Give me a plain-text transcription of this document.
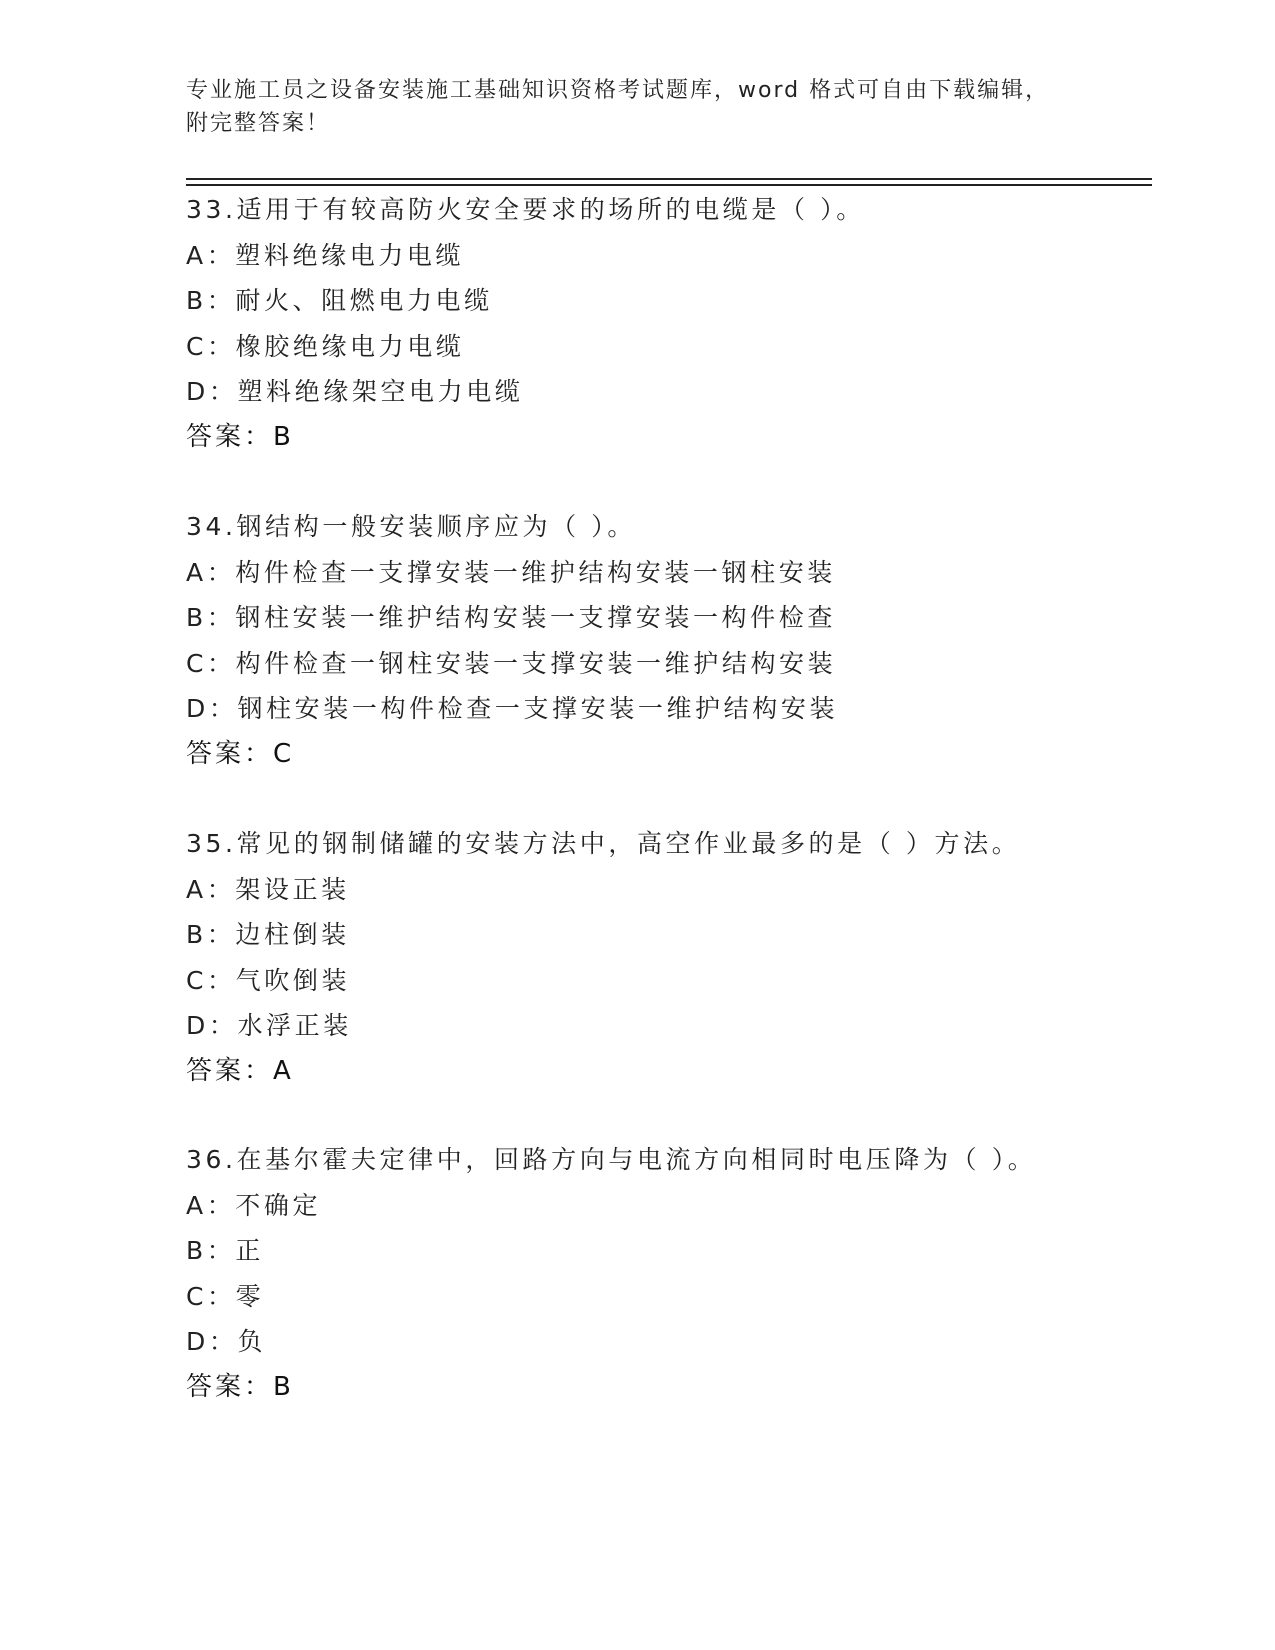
专业施工员之设备安装施工基础知识资格考试题库，word 格式可自由下载编辑，
附完整答案！
33.适用于有较高防火安全要求的场所的电缆是（ ）。
A：塑料绝缘电力电缆
B：耐火、阻燃电力电缆
C：橡胶绝缘电力电缆
D：塑料绝缘架空电力电缆
答案：B
34.钢结构一般安装顺序应为（ ）。
A：构件检查一支撑安装一维护结构安装一钢柱安装
B：钢柱安装一维护结构安装一支撑安装一构件检查
C：构件检查一钢柱安装一支撑安装一维护结构安装
D：钢柱安装一构件检查一支撑安装一维护结构安装
答案：C
35.常见的钢制储罐的安装方法中，高空作业最多的是（ ）方法。
A：架设正装
B：边柱倒装
C：气吹倒装
D：水浮正装
答案：A
36.在基尔霍夫定律中，回路方向与电流方向相同时电压降为（ ）。
A：不确定
B：正
C：零
D：负
答案：B
